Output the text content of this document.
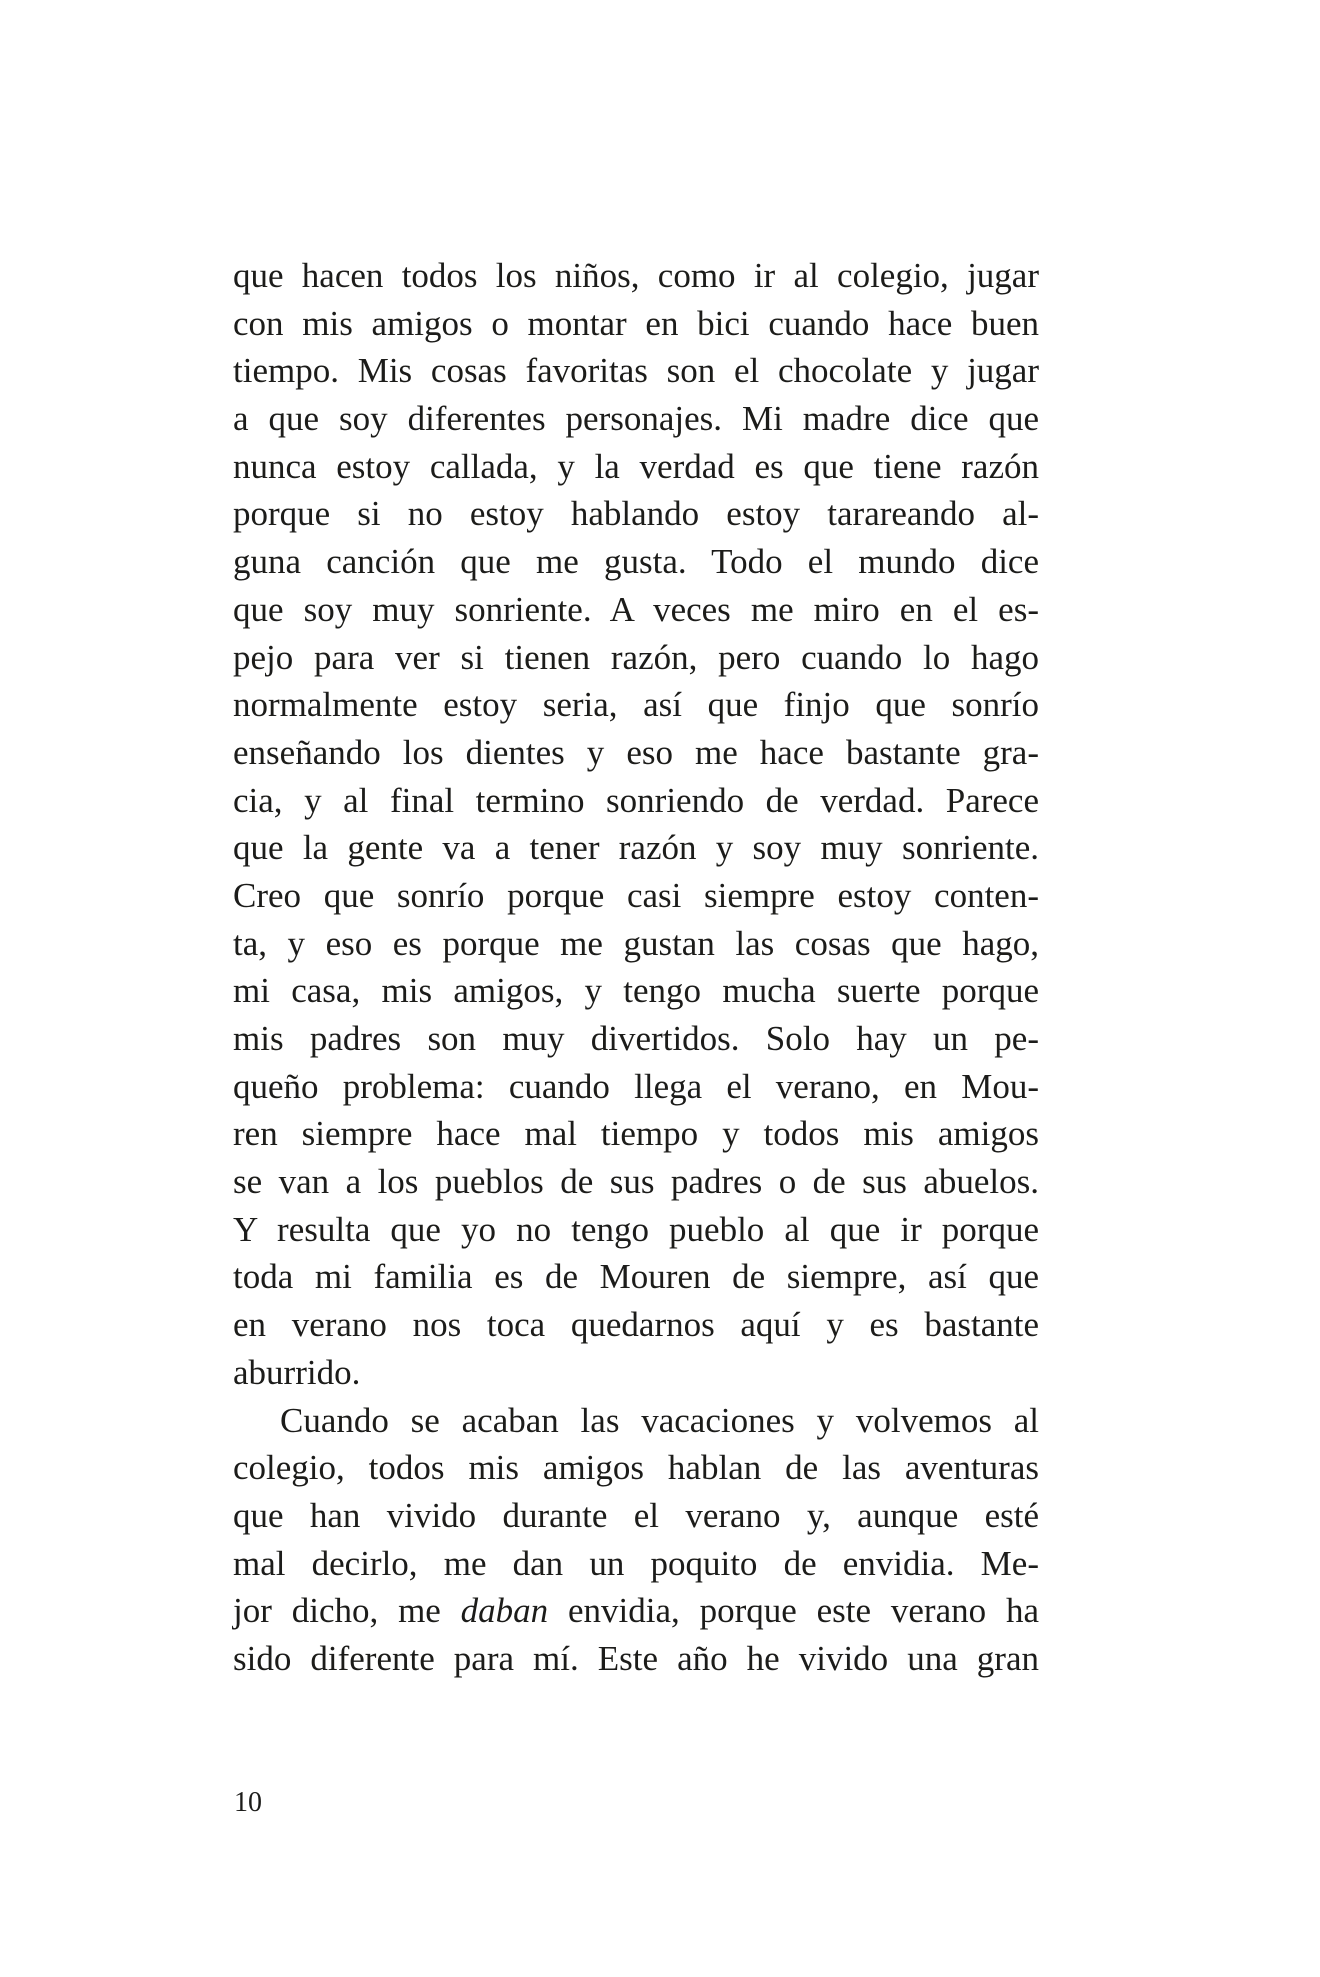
que hacen todos los niños, como ir al colegio, jugar
con mis amigos o montar en bici cuando hace buen
tiempo. Mis cosas favoritas son el chocolate y jugar
a que soy diferentes personajes. Mi madre dice que
nunca estoy callada, y la verdad es que tiene razón
porque si no estoy hablando estoy tarareando al-
guna canción que me gusta. Todo el mundo dice
que soy muy sonriente. A veces me miro en el es-
pejo para ver si tienen razón, pero cuando lo hago
normalmente estoy seria, así que finjo que sonrío
enseñando los dientes y eso me hace bastante gra-
cia, y al final termino sonriendo de verdad. Parece
que la gente va a tener razón y soy muy sonriente.
Creo que sonrío porque casi siempre estoy conten-
ta, y eso es porque me gustan las cosas que hago,
mi casa, mis amigos, y tengo mucha suerte porque
mis padres son muy divertidos. Solo hay un pe-
queño problema: cuando llega el verano, en Mou-
ren siempre hace mal tiempo y todos mis amigos
se van a los pueblos de sus padres o de sus abuelos.
Y resulta que yo no tengo pueblo al que ir porque
toda mi familia es de Mouren de siempre, así que
en verano nos toca quedarnos aquí y es bastante
aburrido.
Cuando se acaban las vacaciones y volvemos al
colegio, todos mis amigos hablan de las aventuras
que han vivido durante el verano y, aunque esté
mal decirlo, me dan un poquito de envidia. Me-
jor dicho, me daban envidia, porque este verano ha
sido diferente para mí. Este año he vivido una gran
10
